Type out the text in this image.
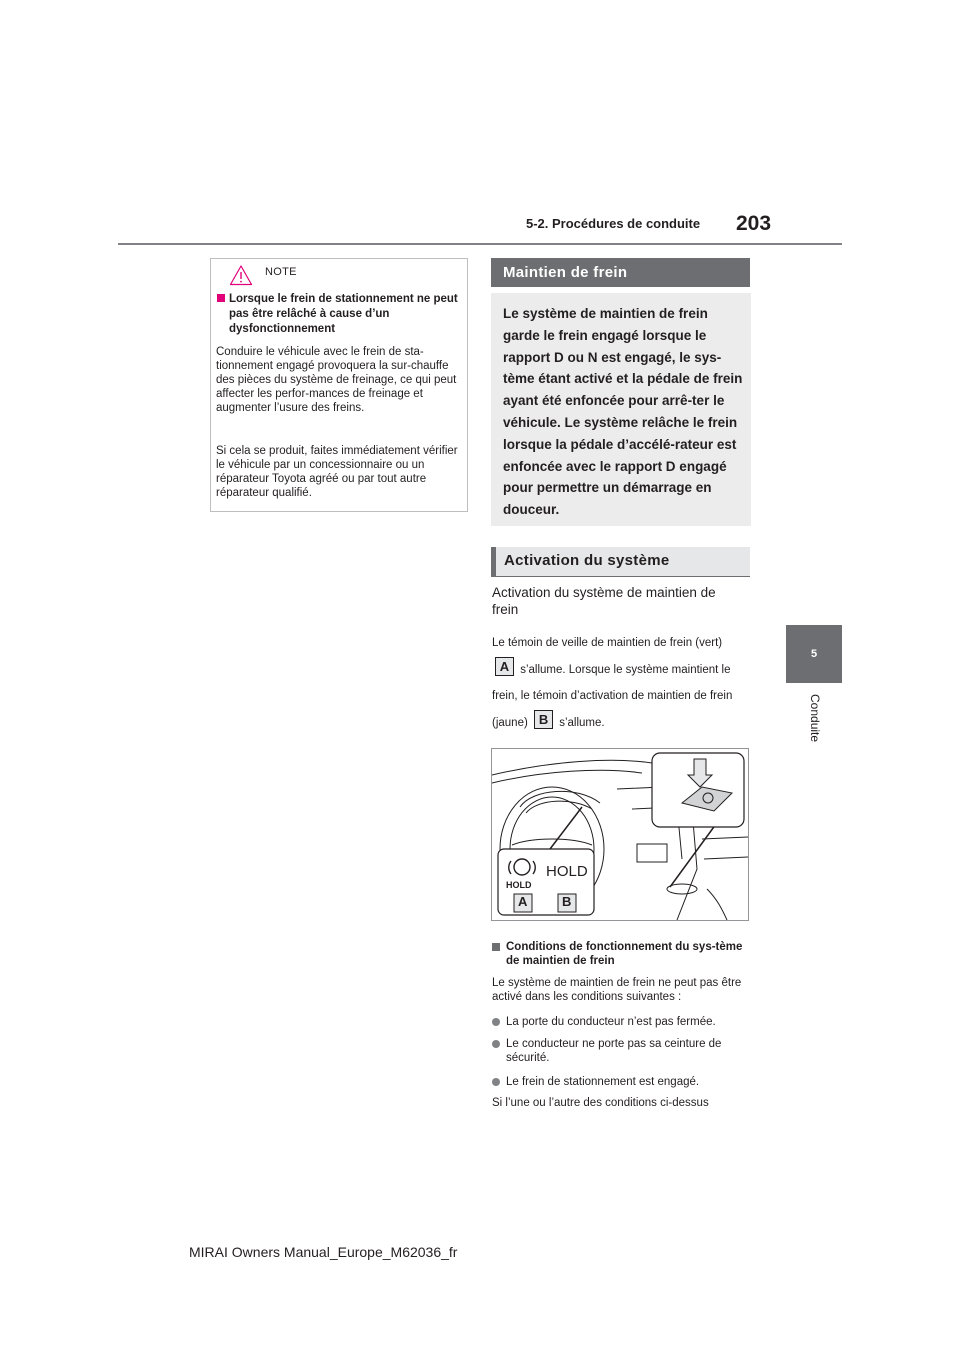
5-2. Procédures de conduite 203
5
Conduite
NOTE
Lorsque le frein de stationnement ne peut pas être relâché à cause d’un dysfonctionnement
Conduire le véhicule avec le frein de sta-tionnement engagé provoquera la sur-chauffe des pièces du système de freinage, ce qui peut affecter les perfor-mances de freinage et augmenter l’usure des freins.
Si cela se produit, faites immédiatement vérifier le véhicule par un concessionnaire ou un réparateur Toyota agréé ou par tout autre réparateur qualifié.
Maintien de frein
Le système de maintien de frein garde le frein engagé lorsque le rapport D ou N est engagé, le sys-tème étant activé et la pédale de frein ayant été enfoncée pour arrê-ter le véhicule. Le système relâche le frein lorsque la pédale d’accélé-rateur est enfoncée avec le rapport D engagé pour permettre un démarrage en douceur.
Activation du système
Activation du système de maintien de frein
Le témoin de veille de maintien de frein (vert) A s’allume. Lorsque le système maintient le frein, le témoin d’activation de maintien de frein (jaune) B s’allume.
HOLD
HOLD
A	B
Conditions de fonctionnement du sys-tème de maintien de frein
Le système de maintien de frein ne peut pas être activé dans les conditions suivantes :
La porte du conducteur n’est pas fermée.
Le conducteur ne porte pas sa ceinture de sécurité.
Le frein de stationnement est engagé.
Si l’une ou l’autre des conditions ci-dessus
MIRAI Owners Manual_Europe_M62036_fr
